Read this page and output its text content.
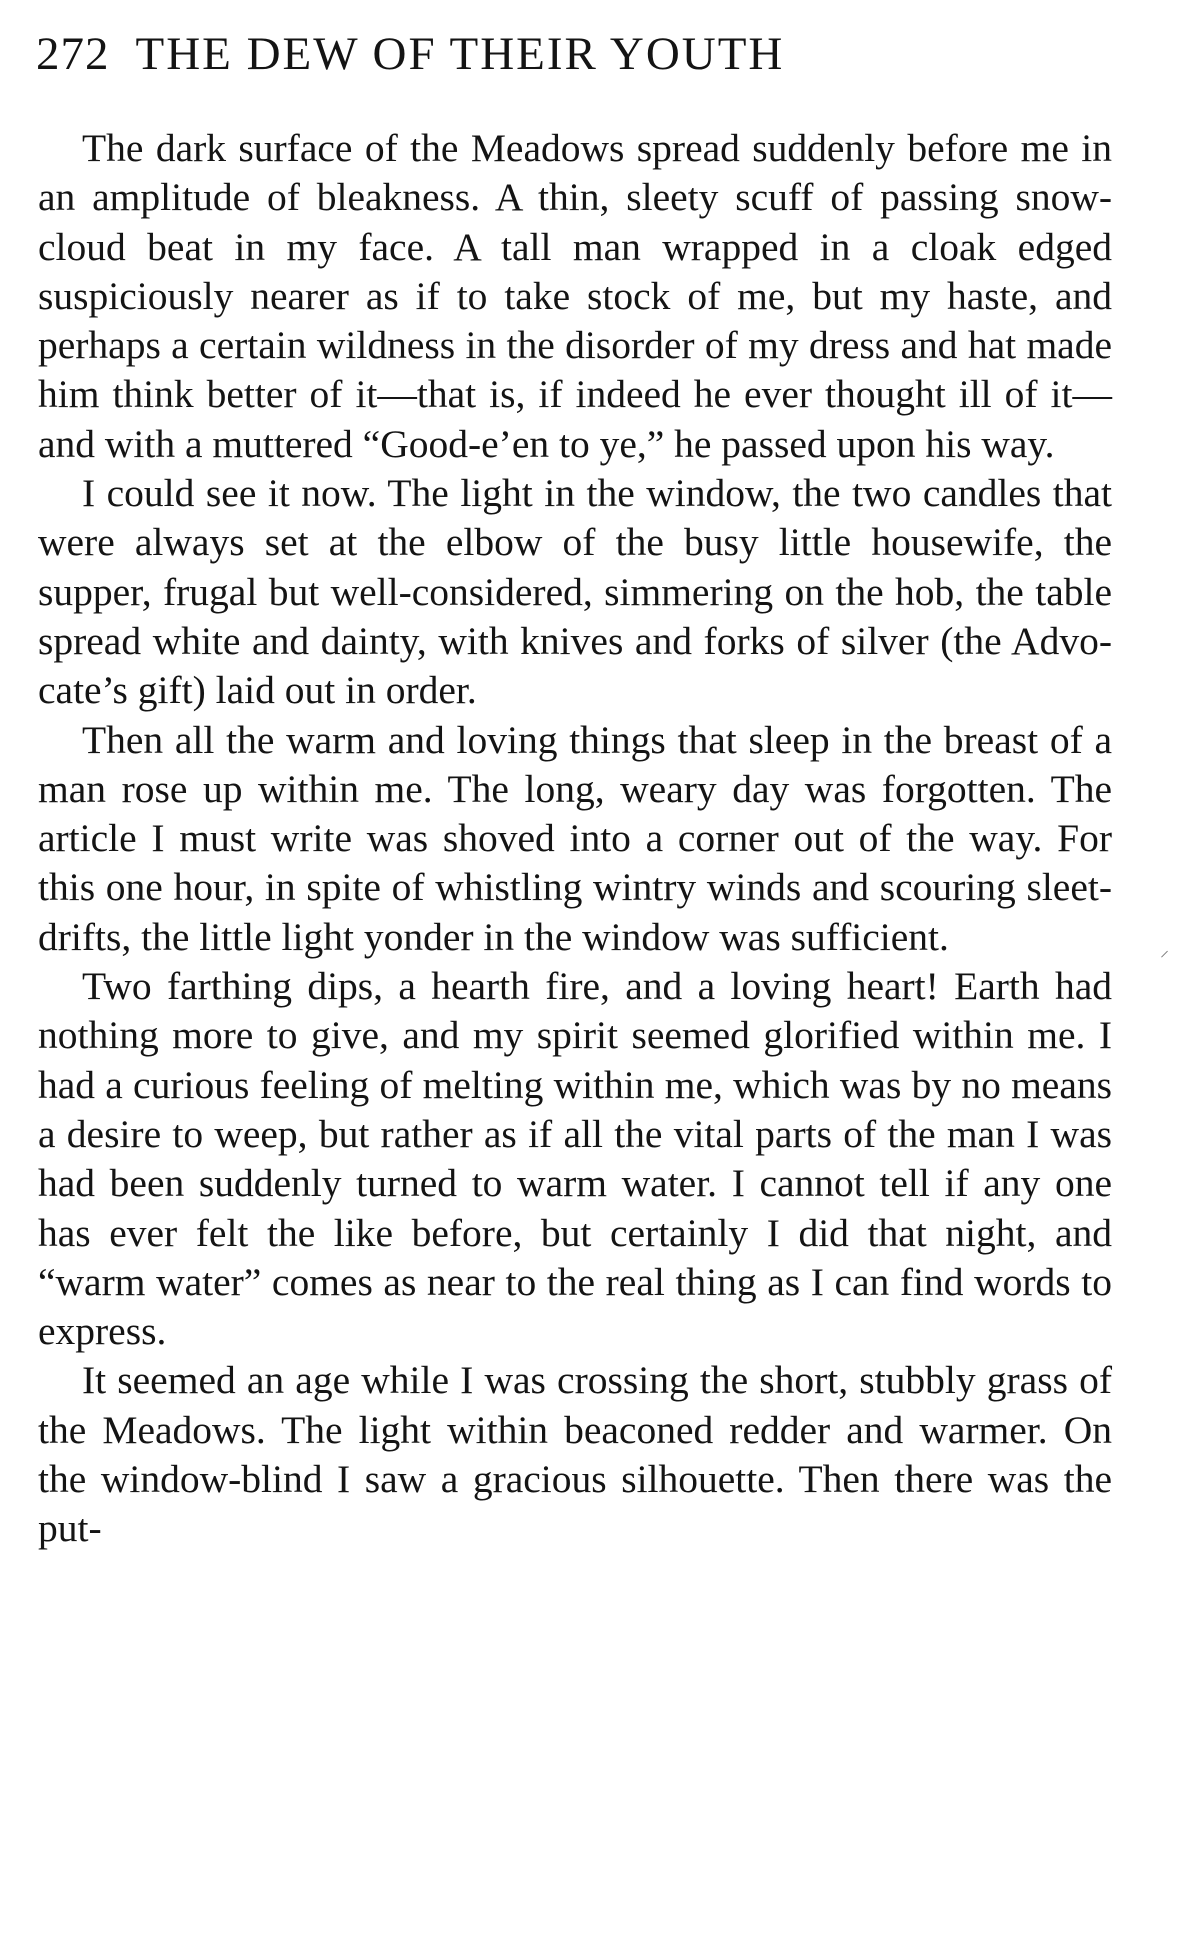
272 THE DEW OF THEIR YOUTH

The dark surface of the Meadows spread suddenly before me in an amplitude of bleakness. A thin, sleety scuff of passing snow-cloud beat in my face. A tall man wrapped in a cloak edged suspiciously nearer as if to take stock of me, but my haste, and perhaps a certain wildness in the disorder of my dress and hat made him think better of it—that is, if indeed he ever thought ill of it— and with a muttered “Good-e’en to ye,” he passed upon his way.

I could see it now. The light in the window, the two candles that were always set at the elbow of the busy little housewife, the supper, frugal but well-considered, simmering on the hob, the table spread white and dainty, with knives and forks of silver (the Advocate’s gift) laid out in order.

Then all the warm and loving things that sleep in the breast of a man rose up within me. The long, weary day was forgotten. The article I must write was shoved into a corner out of the way. For this one hour, in spite of whistling wintry winds and scouring sleet-drifts, the little light yonder in the window was sufficient.

Two farthing dips, a hearth fire, and a loving heart! Earth had nothing more to give, and my spirit seemed glorified within me. I had a curious feeling of melting within me, which was by no means a desire to weep, but rather as if all the vital parts of the man I was had been suddenly turned to warm water. I cannot tell if any one has ever felt the like before, but certainly I did that night, and “warm water” comes as near to the real thing as I can find words to express.

It seemed an age while I was crossing the short, stubbly grass of the Meadows. The light within beaconed redder and warmer. On the window-blind I saw a gracious silhouette. Then there was the put-

⸝
